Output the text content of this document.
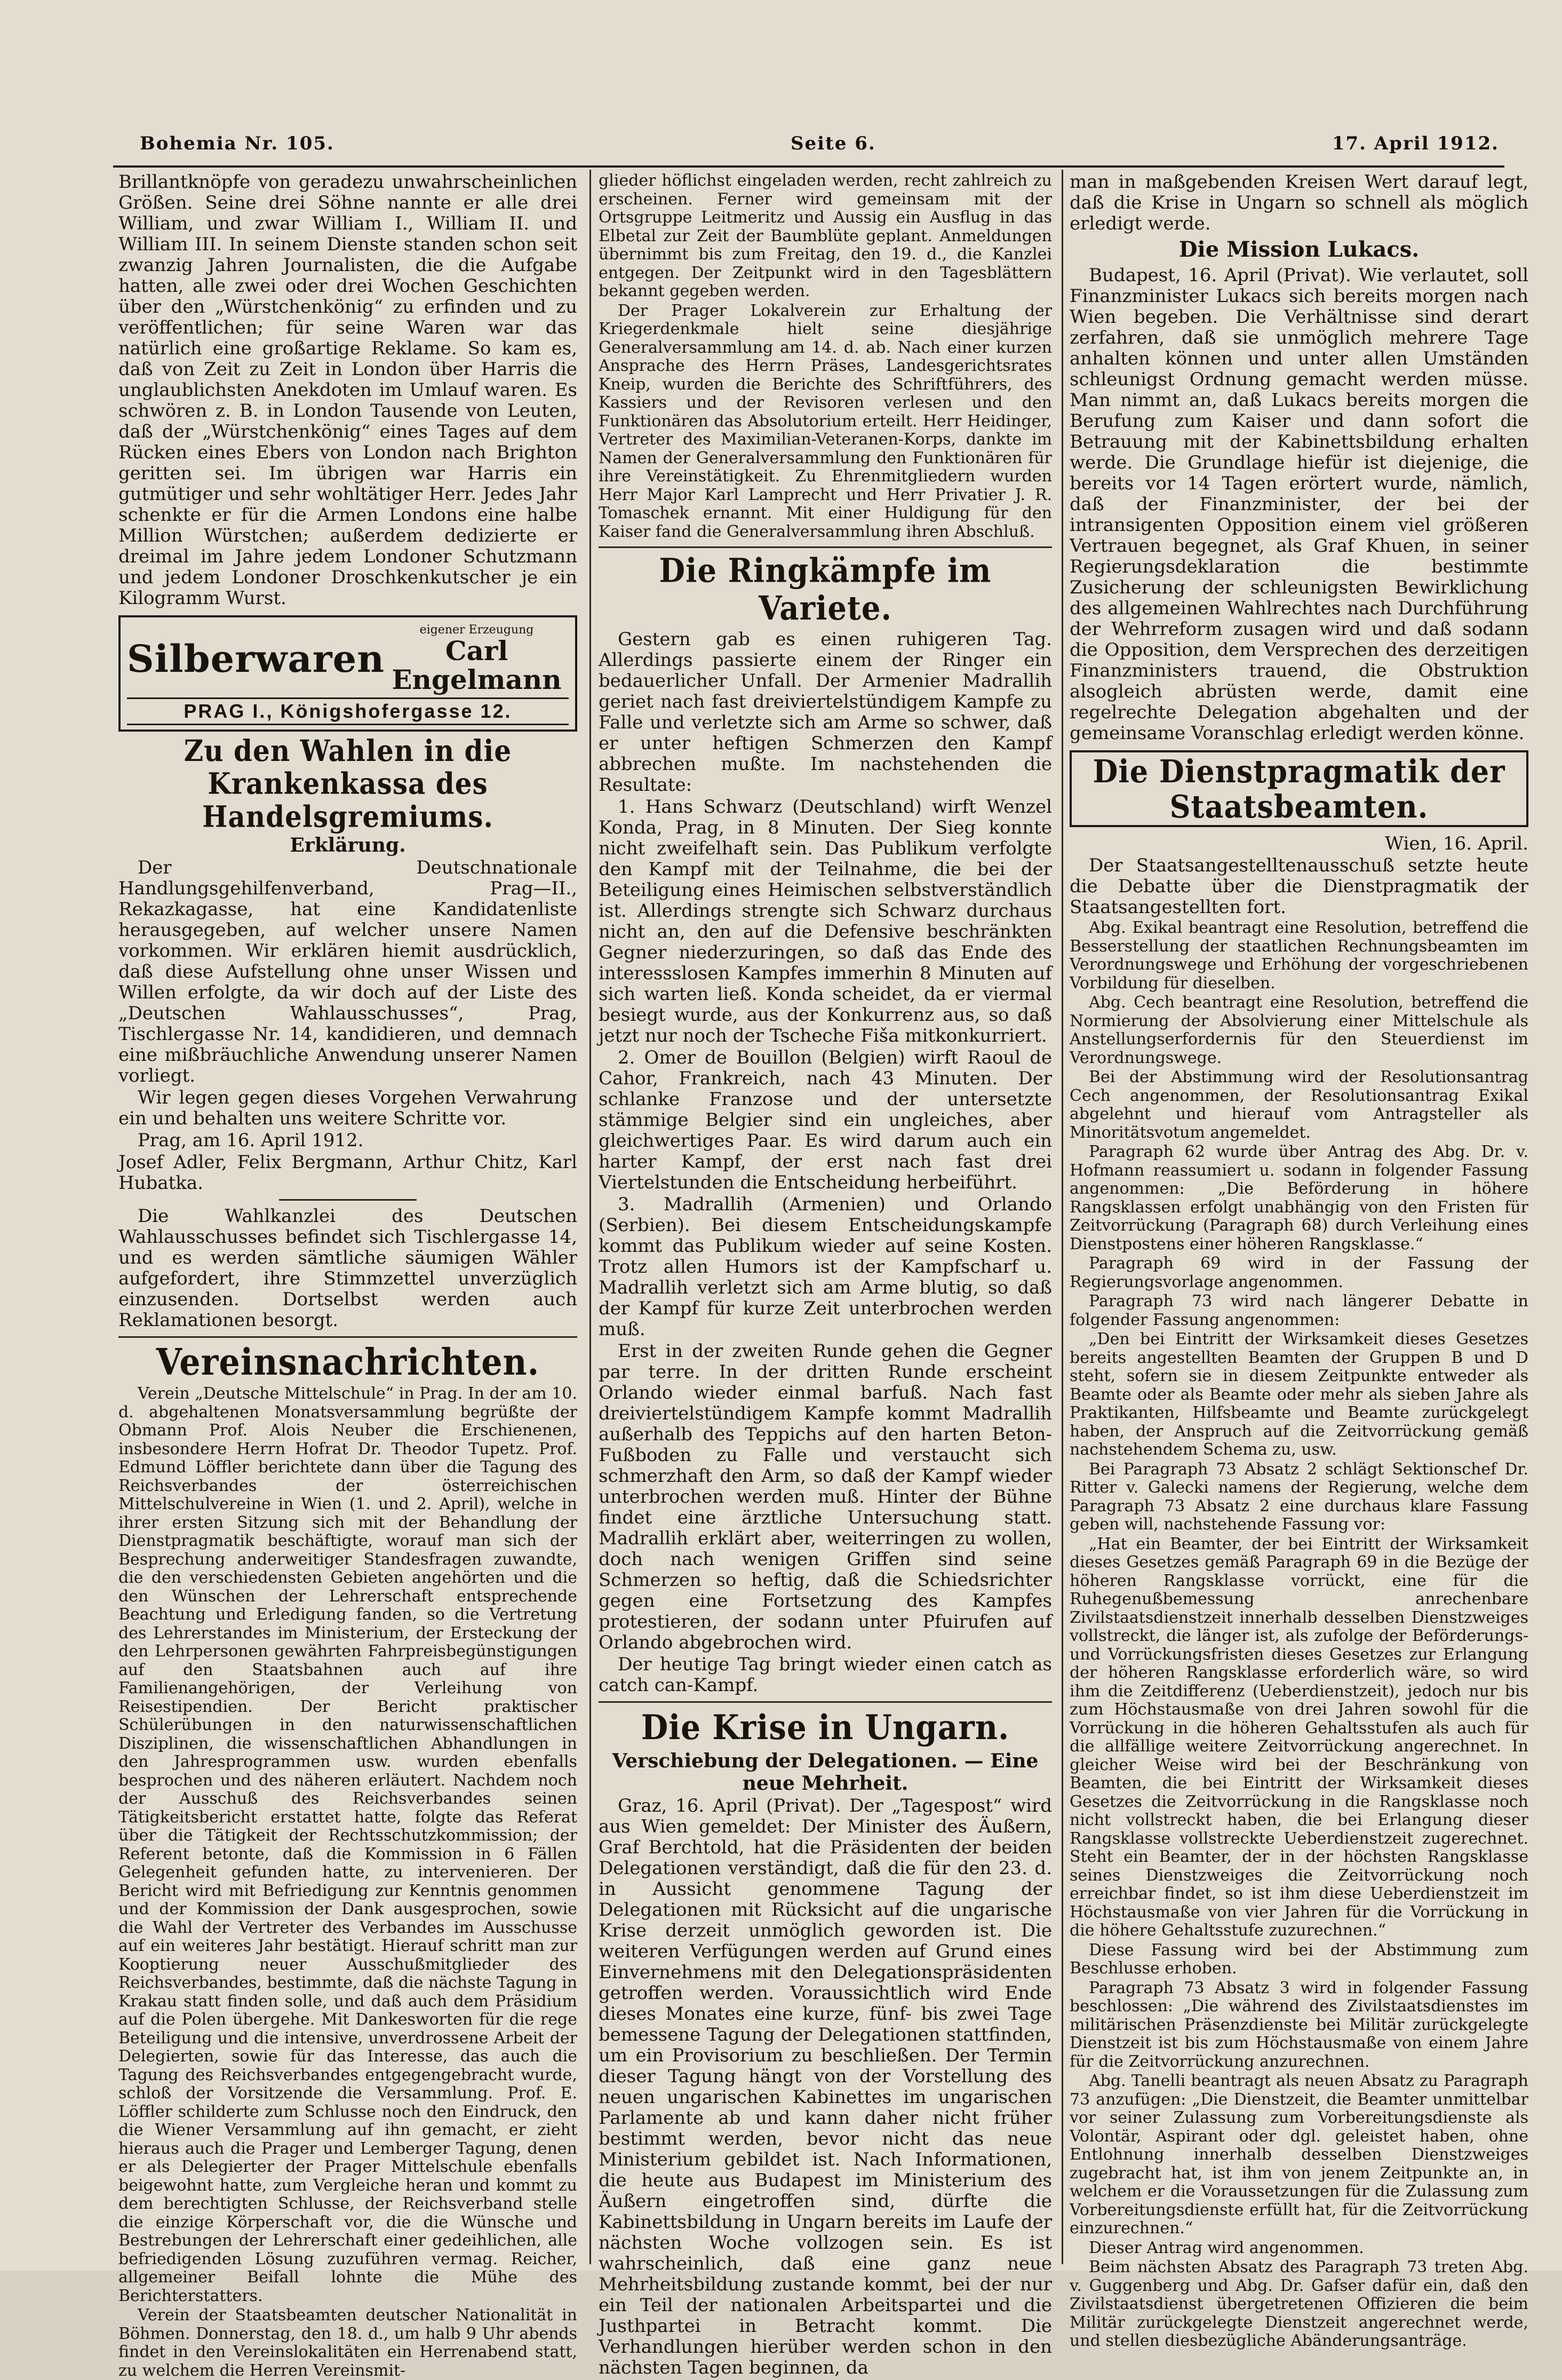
Bohemia Nr. 105.	Seite 6.	17. April 1912.

Brillantknöpfe von geradezu unwahrscheinlichen Größen. Seine drei Söhne nannte er alle drei William, und zwar William I., William II. und William III. In seinem Dienste standen schon seit zwanzig Jahren Journalisten, die die Aufgabe hatten, alle zwei oder drei Wochen Geschichten über den „Würstchenkönig“ zu erfinden und zu veröffentlichen; für seine Waren war das natürlich eine großartige Reklame. So kam es, daß von Zeit zu Zeit in London über Harris die unglaublichsten Anekdoten im Umlauf waren. Es schwören z. B. in London Tausende von Leuten, daß der „Würstchenkönig“ eines Tages auf dem Rücken eines Ebers von London nach Brighton geritten sei. Im übrigen war Harris ein gutmütiger und sehr wohltätiger Herr. Jedes Jahr schenkte er für die Armen Londons eine halbe Million Würstchen; außerdem dedizierte er dreimal im Jahre jedem Londoner Schutzmann und jedem Londoner Droschkenkutscher je ein Kilogramm Wurst.

Silberwaren
eigener Erzeugung
Carl Engelmann
PRAG I., Königshofergasse 12.
Zu den Wahlen in die Krankenkassa des Handelsgremiums.
Erklärung.

Der Deutschnationale Handlungsgehilfenverband, Prag—II., Rekazkagasse, hat eine Kandidatenliste herausgegeben, auf welcher unsere Namen vorkommen. Wir erklären hiemit ausdrücklich, daß diese Aufstellung ohne unser Wissen und Willen erfolgte, da wir doch auf der Liste des „Deutschen Wahlausschusses“, Prag, Tischlergasse Nr. 14, kandidieren, und demnach eine mißbräuchliche Anwendung unserer Namen vorliegt.

Wir legen gegen dieses Vorgehen Verwahrung ein und behalten uns weitere Schritte vor.

Prag, am 16. April 1912.

Josef Adler, Felix Bergmann, Arthur Chitz, Karl Hubatka.

Die Wahlkanzlei des Deutschen Wahlausschusses befindet sich Tischlergasse 14, und es werden sämtliche säumigen Wähler aufgefordert, ihre Stimmzettel unverzüglich einzusenden. Dortselbst werden auch Reklamationen besorgt.

Vereinsnachrichten.

Verein „Deutsche Mittelschule“ in Prag. In der am 10. d. abgehaltenen Monatsversammlung begrüßte der Obmann Prof. Alois Neuber die Erschienenen, insbesondere Herrn Hofrat Dr. Theodor Tupetz. Prof. Edmund Löffler berichtete dann über die Tagung des Reichsverbandes der österreichischen Mittelschulvereine in Wien (1. und 2. April), welche in ihrer ersten Sitzung sich mit der Behandlung der Dienstpragmatik beschäftigte, worauf man sich der Besprechung anderweitiger Standesfragen zuwandte, die den verschiedensten Gebieten angehörten und die den Wünschen der Lehrerschaft entsprechende Beachtung und Erledigung fanden, so die Vertretung des Lehrerstandes im Ministerium, der Ersteckung der den Lehrpersonen gewährten Fahrpreisbegünstigungen auf den Staatsbahnen auch auf ihre Familienangehörigen, der Verleihung von Reisestipendien. Der Bericht praktischer Schülerübungen in den naturwissenschaftlichen Disziplinen, die wissenschaftlichen Abhandlungen in den Jahresprogrammen usw. wurden ebenfalls besprochen und des näheren erläutert. Nachdem noch der Ausschuß des Reichsverbandes seinen Tätigkeitsbericht erstattet hatte, folgte das Referat über die Tätigkeit der Rechtsschutzkommission; der Referent betonte, daß die Kommission in 6 Fällen Gelegenheit gefunden hatte, zu intervenieren. Der Bericht wird mit Befriedigung zur Kenntnis genommen und der Kommission der Dank ausgesprochen, sowie die Wahl der Vertreter des Verbandes im Ausschusse auf ein weiteres Jahr bestätigt. Hierauf schritt man zur Kooptierung neuer Ausschußmitglieder des Reichsverbandes, bestimmte, daß die nächste Tagung in Krakau statt finden solle, und daß auch dem Präsidium auf die Polen übergehe. Mit Dankesworten für die rege Beteiligung und die intensive, unverdrossene Arbeit der Delegierten, sowie für das Interesse, das auch die Tagung des Reichsverbandes entgegengebracht wurde, schloß der Vorsitzende die Versammlung. Prof. E. Löffler schilderte zum Schlusse noch den Eindruck, den die Wiener Versammlung auf ihn gemacht, er zieht hieraus auch die Prager und Lemberger Tagung, denen er als Delegierter der Prager Mittelschule ebenfalls beigewohnt hatte, zum Vergleiche heran und kommt zu dem berechtigten Schlusse, der Reichsverband stelle die einzige Körperschaft vor, die die Wünsche und Bestrebungen der Lehrerschaft einer gedeihlichen, alle befriedigenden Lösung zuzuführen vermag. Reicher, allgemeiner Beifall lohnte die Mühe des Berichterstatters.

Verein der Staatsbeamten deutscher Nationalität in Böhmen. Donnerstag, den 18. d., um halb 9 Uhr abends findet in den Vereinslokalitäten ein Herrenabend statt, zu welchem die Herren Vereinsmit-

glieder höflichst eingeladen werden, recht zahlreich zu erscheinen. Ferner wird gemeinsam mit der Ortsgruppe Leitmeritz und Aussig ein Ausflug in das Elbetal zur Zeit der Baumblüte geplant. Anmeldungen übernimmt bis zum Freitag, den 19. d., die Kanzlei entgegen. Der Zeitpunkt wird in den Tagesblättern bekannt gegeben werden.

Der Prager Lokalverein zur Erhaltung der Kriegerdenkmale hielt seine diesjährige Generalversammlung am 14. d. ab. Nach einer kurzen Ansprache des Herrn Präses, Landesgerichtsrates Kneip, wurden die Berichte des Schriftführers, des Kassiers und der Revisoren verlesen und den Funktionären das Absolutorium erteilt. Herr Heidinger, Vertreter des Maximilian-Veteranen-Korps, dankte im Namen der Generalversammlung den Funktionären für ihre Vereinstätigkeit. Zu Ehrenmitgliedern wurden Herr Major Karl Lamprecht und Herr Privatier J. R. Tomaschek ernannt. Mit einer Huldigung für den Kaiser fand die Generalversammlung ihren Abschluß.

Die Ringkämpfe im Variete.

Gestern gab es einen ruhigeren Tag. Allerdings passierte einem der Ringer ein bedauerlicher Unfall. Der Armenier Madrallih geriet nach fast dreiviertelstündigem Kampfe zu Falle und verletzte sich am Arme so schwer, daß er unter heftigen Schmerzen den Kampf abbrechen mußte. Im nachstehenden die Resultate:

1. Hans Schwarz (Deutschland) wirft Wenzel Konda, Prag, in 8 Minuten. Der Sieg konnte nicht zweifelhaft sein. Das Publikum verfolgte den Kampf mit der Teilnahme, die bei der Beteiligung eines Heimischen selbstverständlich ist. Allerdings strengte sich Schwarz durchaus nicht an, den auf die Defensive beschränkten Gegner niederzuringen, so daß das Ende des interessslosen Kampfes immerhin 8 Minuten auf sich warten ließ. Konda scheidet, da er viermal besiegt wurde, aus der Konkurrenz aus, so daß jetzt nur noch der Tscheche Fiša mitkonkurriert.

2. Omer de Bouillon (Belgien) wirft Raoul de Cahor, Frankreich, nach 43 Minuten. Der schlanke Franzose und der untersetzte stämmige Belgier sind ein ungleiches, aber gleichwertiges Paar. Es wird darum auch ein harter Kampf, der erst nach fast drei Viertelstunden die Entscheidung herbeiführt.

3. Madrallih (Armenien) und Orlando (Serbien). Bei diesem Entscheidungskampfe kommt das Publikum wieder auf seine Kosten. Trotz allen Humors ist der Kampfscharf u. Madrallih verletzt sich am Arme blutig, so daß der Kampf für kurze Zeit unterbrochen werden muß.

Erst in der zweiten Runde gehen die Gegner par terre. In der dritten Runde erscheint Orlando wieder einmal barfuß. Nach fast dreiviertelstündigem Kampfe kommt Madrallih außerhalb des Teppichs auf den harten Beton-Fußboden zu Falle und verstaucht sich schmerzhaft den Arm, so daß der Kampf wieder unterbrochen werden muß. Hinter der Bühne findet eine ärztliche Untersuchung statt. Madrallih erklärt aber, weiterringen zu wollen, doch nach wenigen Griffen sind seine Schmerzen so heftig, daß die Schiedsrichter gegen eine Fortsetzung des Kampfes protestieren, der sodann unter Pfuirufen auf Orlando abgebrochen wird.

Der heutige Tag bringt wieder einen catch as catch can-Kampf.

Die Krise in Ungarn.
Verschiebung der Delegationen. — Eine neue Mehrheit.

Graz, 16. April (Privat). Der „Tagespost“ wird aus Wien gemeldet: Der Minister des Äußern, Graf Berchtold, hat die Präsidenten der beiden Delegationen verständigt, daß die für den 23. d. in Aussicht genommene Tagung der Delegationen mit Rücksicht auf die ungarische Krise derzeit unmöglich geworden ist. Die weiteren Verfügungen werden auf Grund eines Einvernehmens mit den Delegationspräsidenten getroffen werden. Voraussichtlich wird Ende dieses Monates eine kurze, fünf- bis zwei Tage bemessene Tagung der Delegationen stattfinden, um ein Provisorium zu beschließen. Der Termin dieser Tagung hängt von der Vorstellung des neuen ungarischen Kabinettes im ungarischen Parlamente ab und kann daher nicht früher bestimmt werden, bevor nicht das neue Ministerium gebildet ist. Nach Informationen, die heute aus Budapest im Ministerium des Äußern eingetroffen sind, dürfte die Kabinettsbildung in Ungarn bereits im Laufe der nächsten Woche vollzogen sein. Es ist wahrscheinlich, daß eine ganz neue Mehrheitsbildung zustande kommt, bei der nur ein Teil der nationalen Arbeitspartei und die Justhpartei in Betracht kommt. Die Verhandlungen hierüber werden schon in den nächsten Tagen beginnen, da

man in maßgebenden Kreisen Wert darauf legt, daß die Krise in Ungarn so schnell als möglich erledigt werde.

Die Mission Lukacs.

Budapest, 16. April (Privat). Wie verlautet, soll Finanzminister Lukacs sich bereits morgen nach Wien begeben. Die Verhältnisse sind derart zerfahren, daß sie unmöglich mehrere Tage anhalten können und unter allen Umständen schleunigst Ordnung gemacht werden müsse. Man nimmt an, daß Lukacs bereits morgen die Berufung zum Kaiser und dann sofort die Betrauung mit der Kabinettsbildung erhalten werde. Die Grundlage hiefür ist diejenige, die bereits vor 14 Tagen erörtert wurde, nämlich, daß der Finanzminister, der bei der intransigenten Opposition einem viel größeren Vertrauen begegnet, als Graf Khuen, in seiner Regierungsdeklaration die bestimmte Zusicherung der schleunigsten Bewirklichung des allgemeinen Wahlrechtes nach Durchführung der Wehrreform zusagen wird und daß sodann die Opposition, dem Versprechen des derzeitigen Finanzministers trauend, die Obstruktion alsogleich abrüsten werde, damit eine regelrechte Delegation abgehalten und der gemeinsame Voranschlag erledigt werden könne.

Die Dienstpragmatik der Staatsbeamten.

Wien, 16. April.

Der Staatsangestelltenausschuß setzte heute die Debatte über die Dienstpragmatik der Staatsangestellten fort.

Abg. Exikal beantragt eine Resolution, betreffend die Besserstellung der staatlichen Rechnungsbeamten im Verordnungswege und Erhöhung der vorgeschriebenen Vorbildung für dieselben.

Abg. Cech beantragt eine Resolution, betreffend die Normierung der Absolvierung einer Mittelschule als Anstellungserfordernis für den Steuerdienst im Verordnungswege.

Bei der Abstimmung wird der Resolutionsantrag Cech angenommen, der Resolutionsantrag Exikal abgelehnt und hierauf vom Antragsteller als Minoritätsvotum angemeldet.

Paragraph 62 wurde über Antrag des Abg. Dr. v. Hofmann reassumiert u. sodann in folgender Fassung angenommen: „Die Beförderung in höhere Rangsklassen erfolgt unabhängig von den Fristen für Zeitvorrückung (Paragraph 68) durch Verleihung eines Dienstpostens einer höheren Rangsklasse.“

Paragraph 69 wird in der Fassung der Regierungsvorlage angenommen.

Paragraph 73 wird nach längerer Debatte in folgender Fassung angenommen:

„Den bei Eintritt der Wirksamkeit dieses Gesetzes bereits angestellten Beamten der Gruppen B und D steht, sofern sie in diesem Zeitpunkte entweder als Beamte oder als Beamte oder mehr als sieben Jahre als Praktikanten, Hilfsbeamte und Beamte zurückgelegt haben, der Anspruch auf die Zeitvorrückung gemäß nachstehendem Schema zu, usw.

Bei Paragraph 73 Absatz 2 schlägt Sektionschef Dr. Ritter v. Galecki namens der Regierung, welche dem Paragraph 73 Absatz 2 eine durchaus klare Fassung geben will, nachstehende Fassung vor:

„Hat ein Beamter, der bei Eintritt der Wirksamkeit dieses Gesetzes gemäß Paragraph 69 in die Bezüge der höheren Rangsklasse vorrückt, eine für die Ruhegenußbemessung anrechenbare Zivilstaatsdienstzeit innerhalb desselben Dienstzweiges vollstreckt, die länger ist, als zufolge der Beförderungs- und Vorrückungsfristen dieses Gesetzes zur Erlangung der höheren Rangsklasse erforderlich wäre, so wird ihm die Zeitdifferenz (Ueberdienstzeit), jedoch nur bis zum Höchstausmaße von drei Jahren sowohl für die Vorrückung in die höheren Gehaltsstufen als auch für die allfällige weitere Zeitvorrückung angerechnet. In gleicher Weise wird bei der Beschränkung von Beamten, die bei Eintritt der Wirksamkeit dieses Gesetzes die Zeitvorrückung in die Rangsklasse noch nicht vollstreckt haben, die bei Erlangung dieser Rangsklasse vollstreckte Ueberdienstzeit zugerechnet. Steht ein Beamter, der in der höchsten Rangsklasse seines Dienstzweiges die Zeitvorrückung noch erreichbar findet, so ist ihm diese Ueberdienstzeit im Höchstausmaße von vier Jahren für die Vorrückung in die höhere Gehaltsstufe zuzurechnen.“

Diese Fassung wird bei der Abstimmung zum Beschlusse erhoben.

Paragraph 73 Absatz 3 wird in folgender Fassung beschlossen: „Die während des Zivilstaatsdienstes im militärischen Präsenzdienste bei Militär zurückgelegte Dienstzeit ist bis zum Höchstausmaße von einem Jahre für die Zeitvorrückung anzurechnen.

Abg. Tanelli beantragt als neuen Absatz zu Paragraph 73 anzufügen: „Die Dienstzeit, die Beamter unmittelbar vor seiner Zulassung zum Vorbereitungsdienste als Volontär, Aspirant oder dgl. geleistet haben, ohne Entlohnung innerhalb desselben Dienstzweiges zugebracht hat, ist ihm von jenem Zeitpunkte an, in welchem er die Voraussetzungen für die Zulassung zum Vorbereitungsdienste erfüllt hat, für die Zeitvorrückung einzurechnen.“

Dieser Antrag wird angenommen.

Beim nächsten Absatz des Paragraph 73 treten Abg. v. Guggenberg und Abg. Dr. Gafser dafür ein, daß den Zivilstaatsdienst übergetretenen Offizieren die beim Militär zurückgelegte Dienstzeit angerechnet werde, und stellen diesbezügliche Abänderungsanträge.
